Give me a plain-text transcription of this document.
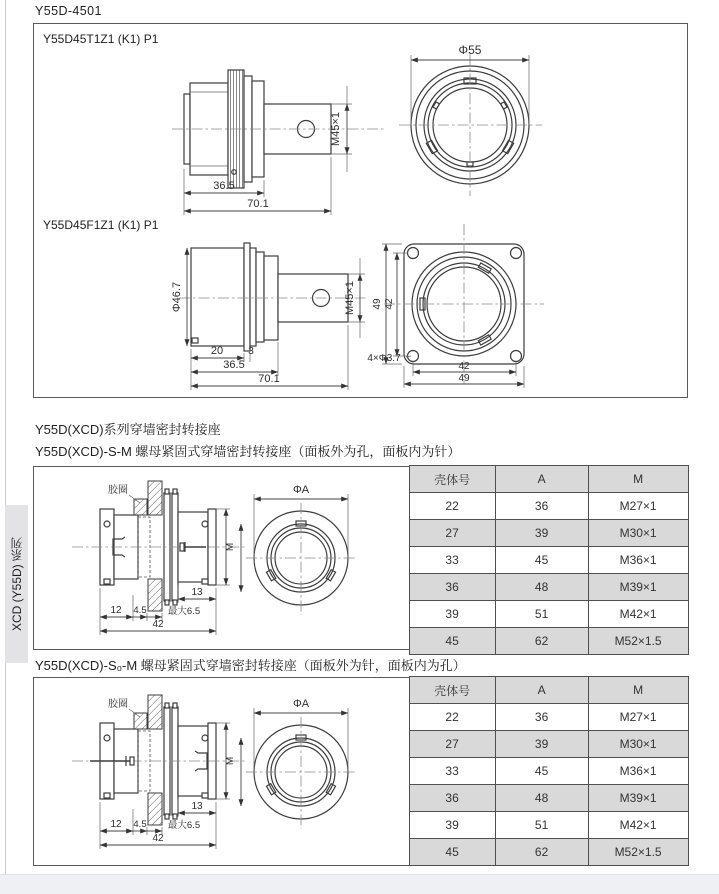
Y55D-4501
Y55D45T1Z1 (K1) P1
Y55D45F1Z1 (K1) P1
M45×1
36.5
70.1
Φ55
Φ46.7	M45×1
20	3
36.5
70.1
49 42
42
49
4×Φ3.7
Y55D(XCD)系列穿墙密封转接座
Y55D(XCD)-S-M 螺母紧固式穿墙密封转接座（面板外为孔，面板内为针）
Y55D(XCD)-S₀-M 螺母紧固式穿墙密封转接座（面板外为针，面板内为孔）
XCD (Y55D) 系列
胶圈
M
13
12 4.5 最大6.5
42
ΦA
壳体号	A	M
22	36	M27×1
27	39	M30×1
33	45	M36×1
36	48	M39×1
39	51	M42×1
45	62	M52×1.5
胶圈
M
13
12 4.5 最大6.5
42
ΦA
壳体号	A	M
22	36	M27×1
27	39	M30×1
33	45	M36×1
36	48	M39×1
39	51	M42×1
45	62	M52×1.5
